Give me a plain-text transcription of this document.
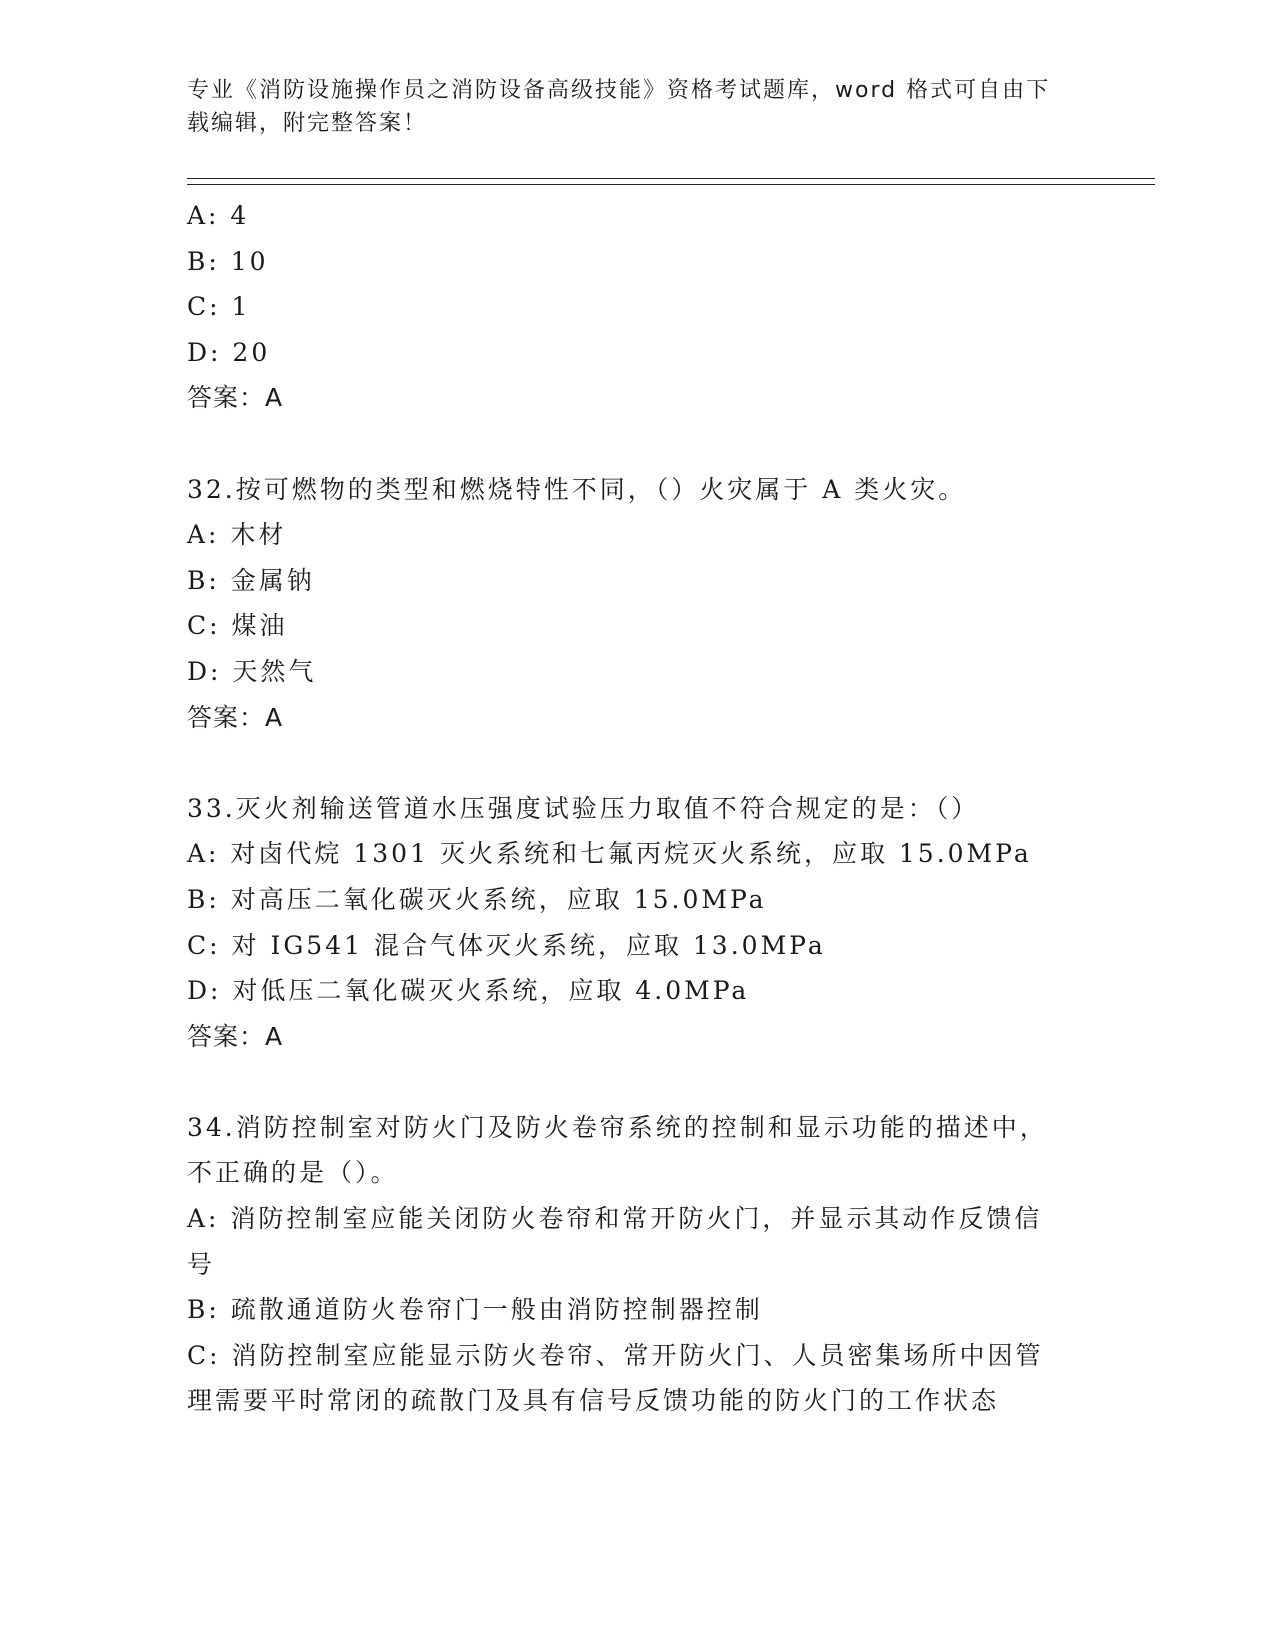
专业《消防设施操作员之消防设备高级技能》资格考试题库，word 格式可自由下载编辑，附完整答案！
A: 4
B: 10
C: 1
D: 20
答案：A
32.按可燃物的类型和燃烧特性不同，（）火灾属于 A 类火灾。
A: 木材
B: 金属钠
C: 煤油
D: 天然气
答案：A
33.灭火剂输送管道水压强度试验压力取值不符合规定的是：（）
A: 对卤代烷 1301 灭火系统和七氟丙烷灭火系统，应取 15.0MPa
B: 对高压二氧化碳灭火系统，应取 15.0MPa
C: 对 IG541 混合气体灭火系统，应取 13.0MPa
D: 对低压二氧化碳灭火系统，应取 4.0MPa
答案：A
34.消防控制室对防火门及防火卷帘系统的控制和显示功能的描述中，
不正确的是（）。
A: 消防控制室应能关闭防火卷帘和常开防火门，并显示其动作反馈信
号
B: 疏散通道防火卷帘门一般由消防控制器控制
C: 消防控制室应能显示防火卷帘、常开防火门、人员密集场所中因管
理需要平时常闭的疏散门及具有信号反馈功能的防火门的工作状态
